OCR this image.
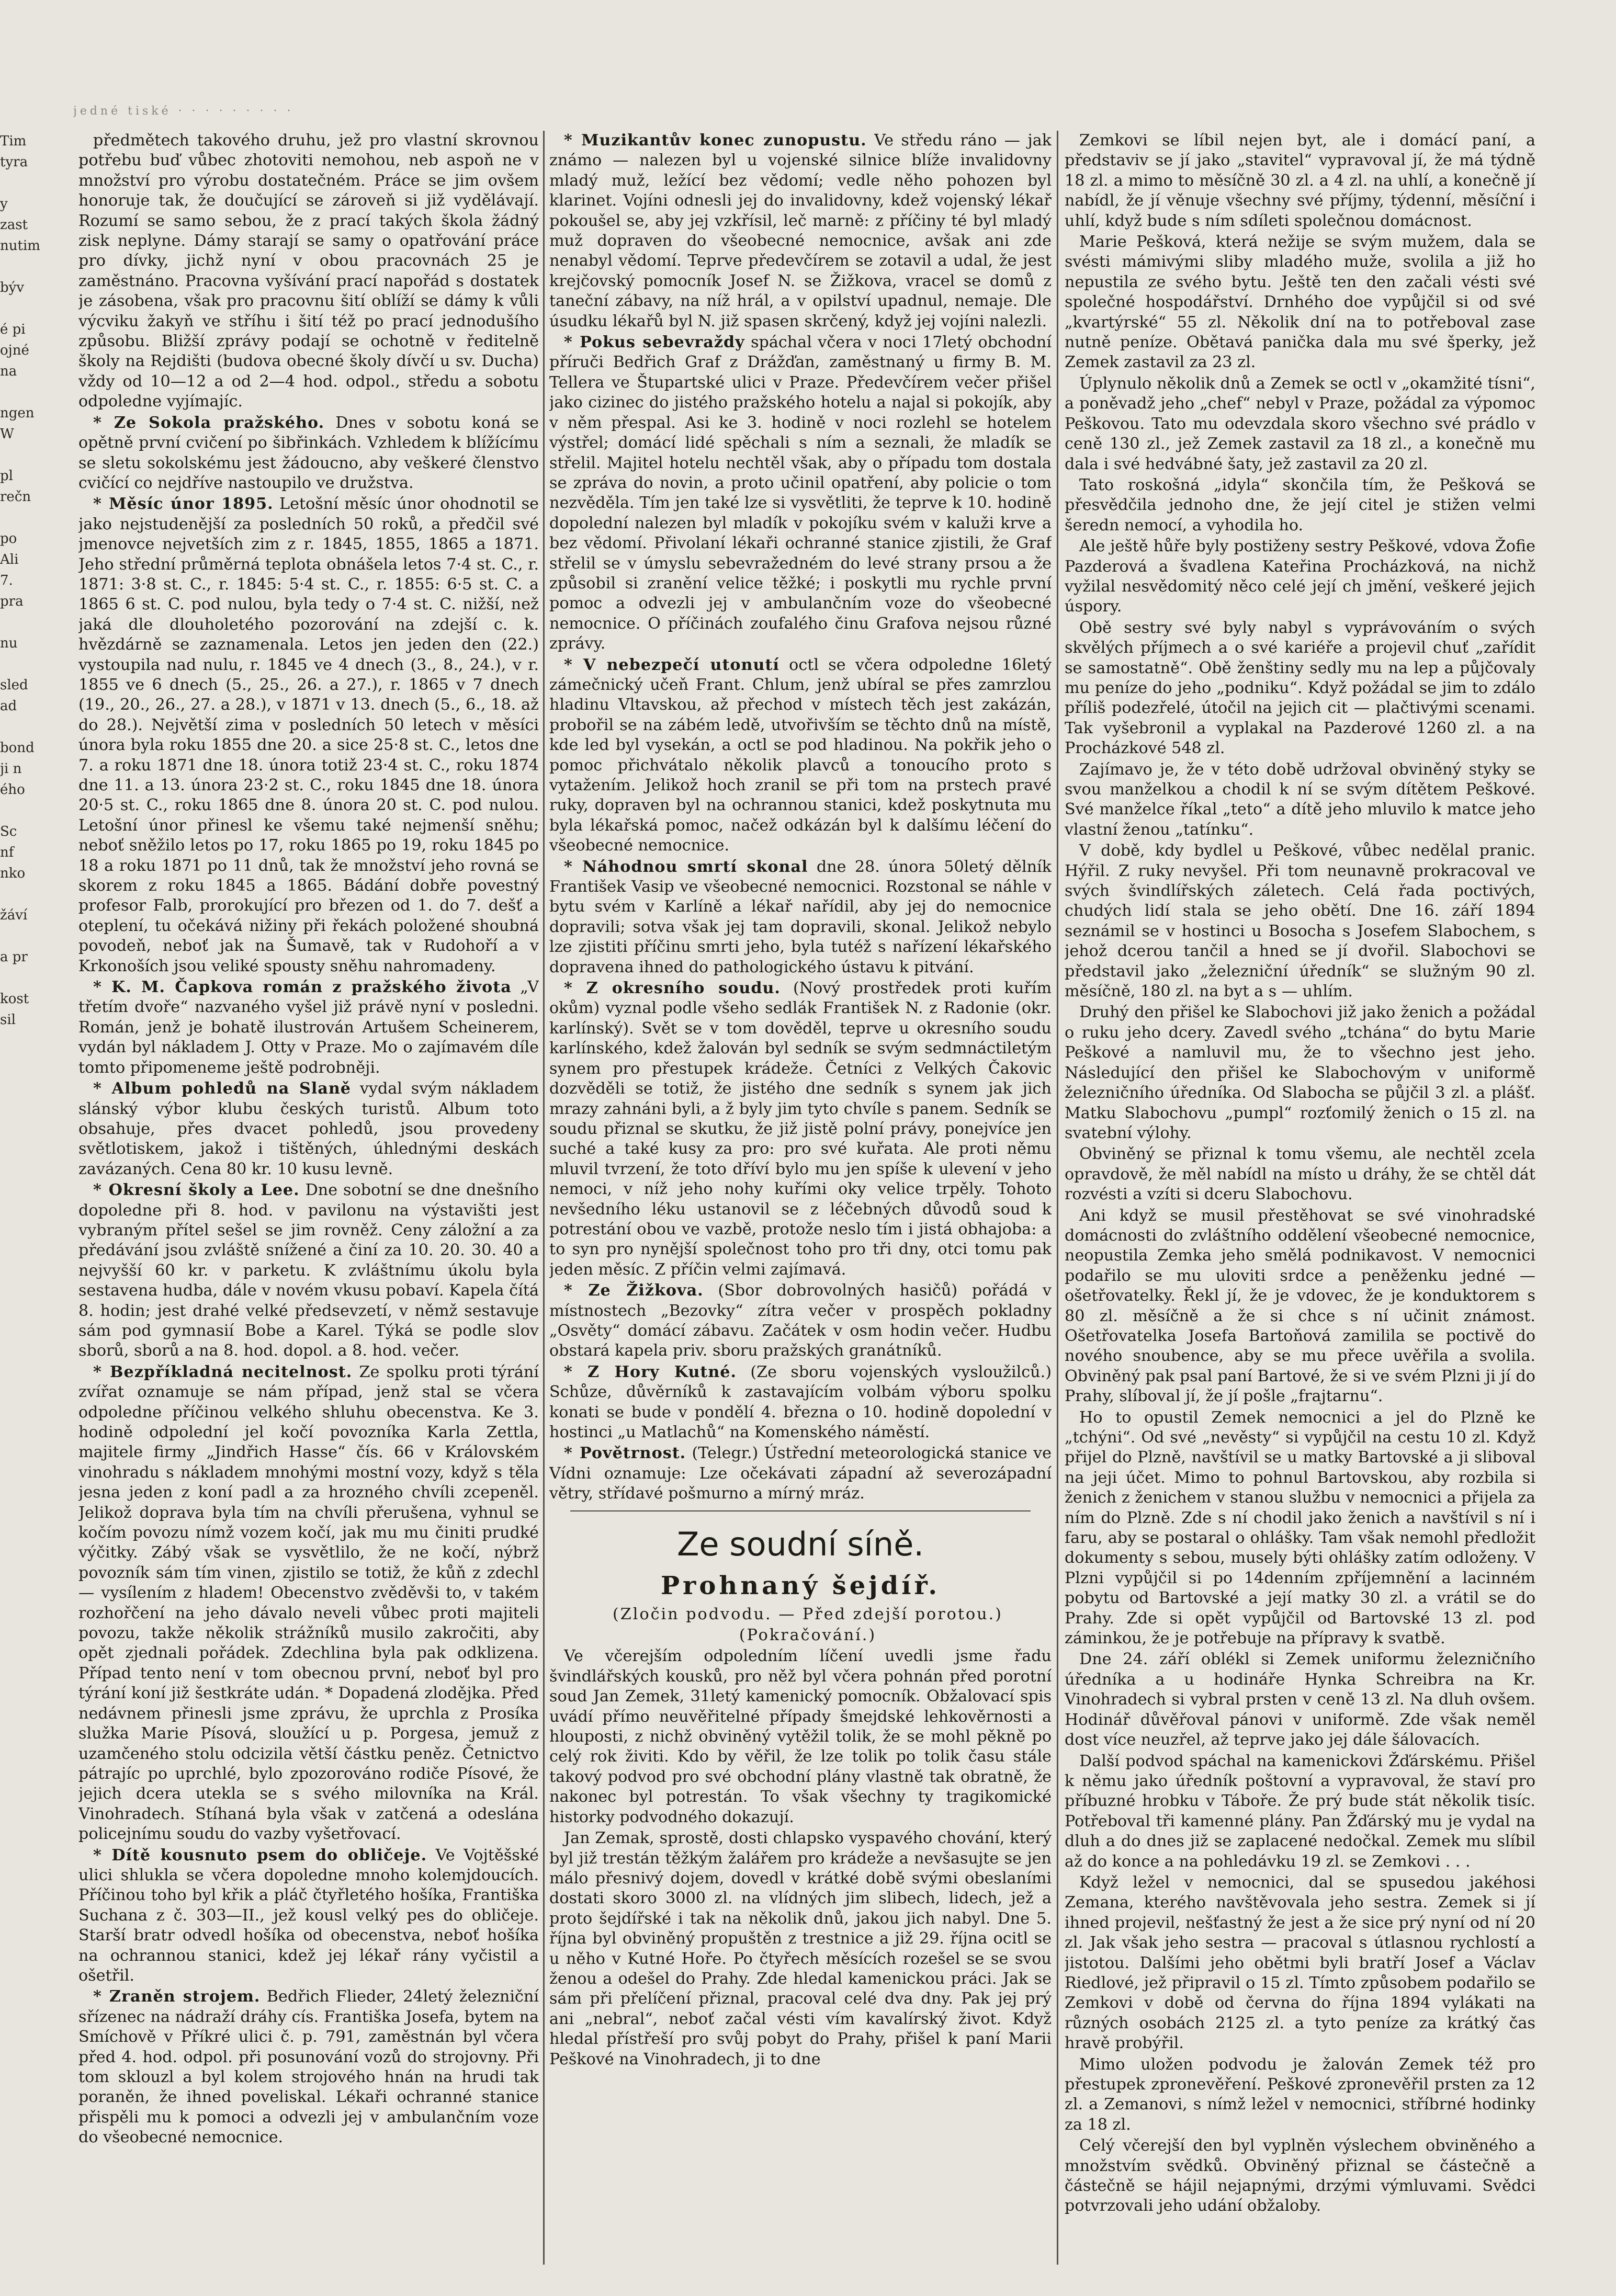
jedné tiské · · · · · · · · ·
Tim
tyra

y
zast
nutim

býv

é pi
ojné
na

ngen
W

pl
rečn

po
Ali
7.
pra

nu

sled
ad

bond
ji n
ého

Sc
nf
nko

žáví

a pr

kost
sil

předmětech takového druhu, jež pro vlastní skrovnou potřebu buď vůbec zhotoviti nemohou, neb aspoň ne v množství pro výrobu dostatečném. Práce se jim ovšem honoruje tak, že doučující se zároveň si již vydělávají. Rozumí se samo sebou, že z prací takých škola žádný zisk neplyne. Dámy starají se samy o opatřování práce pro dívky, jichž nyní v obou pracovnách 25 je zaměstnáno. Pracovna vyšívání prací napořád s dostatek je zásobena, však pro pracovnu šití oblíží se dámy k vůli výcviku žakyň ve stříhu i šití též po prací jednodušího způsobu. Bližší zprávy podají se ochotně v ředitelně školy na Rejdišti (budova obecné školy dívčí u sv. Ducha) vždy od 10—12 a od 2—4 hod. odpol., středu a sobotu odpoledne vyjímajíc.

* Ze Sokola pražského. Dnes v sobotu koná se opětně první cvičení po šibřinkách. Vzhledem k blížícímu se sletu sokolskému jest žádoucno, aby veškeré členstvo cvičící co nejdříve nastoupilo ve družstva.

* Měsíc únor 1895. Letošní měsíc únor ohodnotil se jako nejstudenější za posledních 50 roků, a předčil své jmenovce nejvetších zim z r. 1845, 1855, 1865 a 1871. Jeho střední průměrná teplota obnášela letos 7·4 st. C., r. 1871: 3·8 st. C., r. 1845: 5·4 st. C., r. 1855: 6·5 st. C. a 1865 6 st. C. pod nulou, byla tedy o 7·4 st. C. nižší, než jaká dle dlouholetého pozorování na zdejší c. k. hvězdárně se zaznamenala. Letos jen jeden den (22.) vystoupila nad nulu, r. 1845 ve 4 dnech (3., 8., 24.), v r. 1855 ve 6 dnech (5., 25., 26. a 27.), r. 1865 v 7 dnech (19., 20., 26., 27. a 28.), v 1871 v 13. dnech (5., 6., 18. až do 28.). Největší zima v posledních 50 letech v měsíci února byla roku 1855 dne 20. a sice 25·8 st. C., letos dne 7. a roku 1871 dne 18. února totiž 23·4 st. C., roku 1874 dne 11. a 13. února 23·2 st. C., roku 1845 dne 18. února 20·5 st. C., roku 1865 dne 8. února 20 st. C. pod nulou. Letošní únor přinesl ke všemu také nejmenší sněhu; neboť sněžilo letos po 17, roku 1865 po 19, roku 1845 po 18 a roku 1871 po 11 dnů, tak že množství jeho rovná se skorem z roku 1845 a 1865. Bádání dobře povestný profesor Falb, prorokující pro březen od 1. do 7. dešť a oteplení, tu očekává nižiny při řekách položené shoubná povodeň, neboť jak na Šumavě, tak v Rudohoří a v Krkonoších jsou veliké spousty sněhu nahromadeny.

* K. M. Čapkova román z pražského života „V třetím dvoře“ nazvaného vyšel již právě nyní v posledni. Román, jenž je bohatě ilustrován Artušem Scheinerem, vydán byl nákladem J. Otty v Praze. Mo o zajímavém díle tomto připomeneme ještě podrobněji.

* Album pohledů na Slaně vydal svým nákladem slánský výbor klubu českých turistů. Album toto obsahuje, přes dvacet pohledů, jsou provedeny světlotiskem, jakož i tištěných, úhlednými deskách zavázaných. Cena 80 kr. 10 kusu levně.

* Okresní školy a Lee. Dne sobotní se dne dnešního dopoledne při 8. hod. v pavilonu na výstavišti jest vybraným přítel sešel se jim rovněž. Ceny záložní a za předávání jsou zvláště snížené a činí za 10. 20. 30. 40 a nejvyšší 60 kr. v parketu. K zvláštnímu úkolu byla sestavena hudba, dále v novém vkusu pobaví. Kapela čítá 8. hodin; jest drahé velké předsevzetí, v němž sestavuje sám pod gymnasií Bobe a Karel. Týká se podle slov sborů, sborů a na 8. hod. dopol. a 8. hod. večer.

* Bezpříkladná necitelnost. Ze spolku proti týrání zvířat oznamuje se nám případ, jenž stal se včera odpoledne příčinou velkého shluhu obecenstva. Ke 3. hodině odpolední jel kočí povozníka Karla Zettla, majitele firmy „Jindřich Hasse“ čís. 66 v Královském vinohradu s nákladem mnohými mostní vozy, když s těla jesna jeden z koní padl a za hrozného chvíli zcepeněl. Jelikož doprava byla tím na chvíli přerušena, vyhnul se kočím povozu nímž vozem kočí, jak mu mu činiti prudké výčitky. Zábý však se vysvětlilo, že ne kočí, nýbrž povozník sám tím vinen, zjistilo se totiž, že kůň z zdechl — vysílením z hladem! Obecenstvo zvěděvši to, v takém rozhořčení na jeho dávalo neveli vůbec proti majiteli povozu, takže několik strážníků musilo zakročiti, aby opět zjednali pořádek. Zdechlina byla pak odklizena. Případ tento není v tom obecnou první, neboť byl pro týrání koní již šestkráte udán. * Dopadená zlodějka. Před nedávnem přinesli jsme zprávu, že uprchla z Prosíka služka Marie Písová, sloužící u p. Porgesa, jemuž z uzamčeného stolu odcizila větší částku peněz. Četnictvo pátrajíc po uprchlé, bylo zpozorováno rodiče Písové, že jejich dcera utekla se s svého milovníka na Král. Vinohradech. Stíhaná byla však v zatčená a odeslána policejnímu soudu do vazby vyšetřovací.

* Dítě kousnuto psem do obličeje. Ve Vojtěšské ulici shlukla se včera dopoledne mnoho kolemjdoucích. Příčinou toho byl křik a pláč čtyřletého hošíka, Františka Suchana z č. 303—II., jež kousl velký pes do obličeje. Starší bratr odvedl hošíka od obecenstva, neboť hošíka na ochrannou stanici, kdež jej lékař rány vyčistil a ošetřil.

* Zraněn strojem. Bedřich Flieder, 24letý železniční sřízenec na nádraží dráhy cís. Františka Josefa, bytem na Smíchově v Příkré ulici č. p. 791, zaměstnán byl včera před 4. hod. odpol. při posunování vozů do strojovny. Při tom sklouzl a byl kolem strojového hnán na hrudi tak poraněn, že ihned poveliskal. Lékaři ochranné stanice přispěli mu k pomoci a odvezli jej v ambulančním voze do všeobecné nemocnice.

* Muzikantův konec zunopustu. Ve středu ráno — jak známo — nalezen byl u vojenské silnice blíže invalidovny mladý muž, ležící bez vědomí; vedle něho pohozen byl klarinet. Vojíni odnesli jej do invalidovny, kdež vojenský lékař pokoušel se, aby jej vzkřísil, leč marně: z příčiny té byl mladý muž dopraven do všeobecné nemocnice, avšak ani zde nenabyl vědomí. Teprve předevčírem se zotavil a udal, že jest krejčovský pomocník Josef N. se Žižkova, vracel se domů z taneční zábavy, na níž hrál, a v opilství upadnul, nemaje. Dle úsudku lékařů byl N. již spasen skrčený, když jej vojíni nalezli.

* Pokus sebevraždy spáchal včera v noci 17letý obchodní příruči Bedřich Graf z Drážďan, zaměstnaný u firmy B. M. Tellera ve Štupartské ulici v Praze. Předevčírem večer přišel jako cizinec do jistého pražského hotelu a najal si pokojík, aby v něm přespal. Asi ke 3. hodině v noci rozlehl se hotelem výstřel; domácí lidé spěchali s ním a seznali, že mladík se střelil. Majitel hotelu nechtěl však, aby o případu tom dostala se zpráva do novin, a proto učinil opatření, aby policie o tom nezvěděla. Tím jen také lze si vysvětliti, že teprve k 10. hodině dopolední nalezen byl mladík v pokojíku svém v kaluži krve a bez vědomí. Přivolaní lékaři ochranné stanice zjistili, že Graf střelil se v úmyslu sebevražedném do levé strany prsou a že způsobil si zranění velice těžké; i poskytli mu rychle první pomoc a odvezli jej v ambulančním voze do všeobecné nemocnice. O příčinách zoufalého činu Grafova nejsou různé zprávy.

* V nebezpečí utonutí octl se včera odpoledne 16letý zámečnický učeň Frant. Chlum, jenž ubíral se přes zamrzlou hladinu Vltavskou, až přechod v místech těch jest zakázán, probořil se na zábém ledě, utvořivším se těchto dnů na místě, kde led byl vysekán, a octl se pod hladinou. Na pokřik jeho o pomoc přichvátalo několik plavců a tonoucího proto s vytažením. Jelikož hoch zranil se při tom na prstech pravé ruky, dopraven byl na ochrannou stanici, kdež poskytnuta mu byla lékařská pomoc, načež odkázán byl k dalšímu léčení do všeobecné nemocnice.

* Náhodnou smrtí skonal dne 28. února 50letý dělník František Vasip ve všeobecné nemocnici. Rozstonal se náhle v bytu svém v Karlíně a lékař nařídil, aby jej do nemocnice dopravili; sotva však jej tam dopravili, skonal. Jelikož nebylo lze zjistiti příčinu smrti jeho, byla tutéž s nařízení lékařského dopravena ihned do pathologického ústavu k pitvání.

* Z okresního soudu. (Nový prostředek proti kuřím okům) vyznal podle všeho sedlák František N. z Radonie (okr. karlínský). Svět se v tom dověděl, teprve u okresního soudu karlínského, kdež žalován byl sedník se svým sedmnáctiletým synem pro přestupek krádeže. Četníci z Velkých Čakovic dozvěděli se totiž, že jistého dne sedník s synem jak jich mrazy zahnáni byli, a ž byly jim tyto chvíle s panem. Sedník se soudu přiznal se skutku, že již jistě polní právy, ponejvíce jen suché a také kusy za pro: pro své kuřata. Ale proti němu mluvil tvrzení, že toto dříví bylo mu jen spíše k ulevení v jeho nemoci, v níž jeho nohy kuřími oky velice trpěly. Tohoto nevšedního léku ustanovil se z léčebných důvodů soud k potrestání obou ve vazbě, protože neslo tím i jistá obhajoba: a to syn pro nynější společnost toho pro tři dny, otci tomu pak jeden měsíc. Z příčin velmi zajímavá.

* Ze Žižkova. (Sbor dobrovolných hasičů) pořádá v místnostech „Bezovky“ zítra večer v prospěch pokladny „Osvěty“ domácí zábavu. Začátek v osm hodin večer. Hudbu obstará kapela priv. sboru pražských granátníků.

* Z Hory Kutné. (Ze sboru vojenských vysloužilců.) Schůze, důvěrníků k zastavajícím volbám výboru spolku konati se bude v pondělí 4. března o 10. hodině dopolední v hostinci „u Matlachů“ na Komenského náměstí.

* Povětrnost. (Telegr.) Ústřední meteorologická stanice ve Vídni oznamuje: Lze očekávati západní až severozápadní větry, střídavé pošmurno a mírný mráz.

Ze soudní síně.
Prohnaný šejdíř.

(Zločin podvodu. — Před zdejší porotou.)

(Pokračování.)

Ve včerejším odpoledním líčení uvedli jsme řadu švindlářských kousků, pro něž byl včera pohnán před porotní soud Jan Zemek, 31letý kamenický pomocník. Obžalovací spis uvádí přímo neuvěřitelné případy šmejdské lehkověrnosti a hlouposti, z nichž obviněný vytěžil tolik, že se mohl pěkně po celý rok živiti. Kdo by věřil, že lze tolik po tolik času stále takový podvod pro své obchodní plány vlastně tak obratně, že nakonec byl potrestán. To však všechny ty tragikomické historky podvodného dokazují.

Jan Zemak, sprostě, dosti chlapsko vyspavého chování, který byl již trestán těžkým žalářem pro krádeže a nevšasujte se jen málo přesnivý dojem, dovedl v krátké době svými obeslaními dostati skoro 3000 zl. na vlídných jim slibech, lidech, jež a proto šejdířské i tak na několik dnů, jakou jich nabyl. Dne 5. října byl obviněný propuštěn z trestnice a již 29. října ocitl se u něho v Kutné Hoře. Po čtyřech měsících rozešel se se svou ženou a odešel do Prahy. Zde hledal kamenickou práci. Jak se sám při přelíčení přiznal, pracoval celé dva dny. Pak jej prý ani „nebral“, neboť začal vésti vím kavalírský život. Když hledal přístřeší pro svůj pobyt do Prahy, přišel k paní Marii Peškové na Vinohradech, ji to dne

Zemkovi se líbil nejen byt, ale i domácí paní, a představiv se jí jako „stavitel“ vypravoval jí, že má týdně 18 zl. a mimo to měsíčně 30 zl. a 4 zl. na uhlí, a konečně jí nabídl, že jí věnuje všechny své příjmy, týdenní, měsíční i uhlí, když bude s ním sdíleti společnou domácnost.

Marie Pešková, která nežije se svým mužem, dala se svésti mámivými sliby mladého muže, svolila a již ho nepustila ze svého bytu. Ještě ten den začali vésti své společné hospodářství. Drnhého doe vypůjčil si od své „kvartýrské“ 55 zl. Několik dní na to potřeboval zase nutně peníze. Obětavá panička dala mu své šperky, jež Zemek zastavil za 23 zl.

Úplynulo několik dnů a Zemek se octl v „okamžité tísni“, a poněvadž jeho „chef“ nebyl v Praze, požádal za výpomoc Peškovou. Tato mu odevzdala skoro všechno své prádlo v ceně 130 zl., jež Zemek zastavil za 18 zl., a konečně mu dala i své hedvábné šaty, jež zastavil za 20 zl.

Tato roskošná „idyla“ skončila tím, že Pešková se přesvědčila jednoho dne, že její citel je stižen velmi šeredn nemocí, a vyhodila ho.

Ale ještě hůře byly postiženy sestry Peškové, vdova Žofie Pazderová a švadlena Kateřina Procházková, na nichž vyžilal nesvědomitý něco celé její ch jmění, veškeré jejich úspory.

Obě sestry své byly nabyl s vyprávováním o svých skvělých příjmech a o své kariéře a projevil chuť „zařídit se samostatně“. Obě ženštiny sedly mu na lep a půjčovaly mu peníze do jeho „podniku“. Když požádal se jim to zdálo příliš podezřelé, útočil na jejich cit — plačtivými scenami. Tak vyšebronil a vyplakal na Pazderové 1260 zl. a na Procházkové 548 zl.

Zajímavo je, že v této době udržoval obviněný styky se svou manželkou a chodil k ní se svým dítětem Peškové. Své manželce říkal „teto“ a dítě jeho mluvilo k matce jeho vlastní ženou „tatínku“.

V době, kdy bydlel u Peškové, vůbec nedělal pranic. Hýřil. Z ruky nevyšel. Při tom neunavně prokracoval ve svých švindlířských záletech. Celá řada poctivých, chudých lidí stala se jeho obětí. Dne 16. září 1894 seznámil se v hostinci u Bosocha s Josefem Slabochem, s jehož dcerou tančil a hned se jí dvořil. Slabochovi se představil jako „železniční úředník“ se služným 90 zl. měsíčně, 180 zl. na byt a s — uhlím.

Druhý den přišel ke Slabochovi již jako ženich a požádal o ruku jeho dcery. Zavedl svého „tchána“ do bytu Marie Peškové a namluvil mu, že to všechno jest jeho. Následující den přišel ke Slabochovým v uniformě železničního úředníka. Od Slabocha se půjčil 3 zl. a plášť. Matku Slabochovu „pumpl“ rozťomilý ženich o 15 zl. na svatební výlohy.

Obviněný se přiznal k tomu všemu, ale nechtěl zcela opravdově, že měl nabídl na místo u dráhy, že se chtěl dát rozvésti a vzíti si dceru Slabochovu.

Ani když se musil přestěhovat se své vinohradské domácnosti do zvláštního oddělení všeobecné nemocnice, neopustila Zemka jeho smělá podnikavost. V nemocnici podařilo se mu uloviti srdce a peněženku jedné — ošetřovatelky. Řekl jí, že je vdovec, že je konduktorem s 80 zl. měsíčně a že si chce s ní učinit známost. Ošetřovatelka Josefa Bartoňová zamilila se poctivě do nového snoubence, aby se mu přece uvěřila a svolila. Obviněný pak psal paní Bartové, že si ve svém Plzni ji jí do Prahy, slíboval jí, že jí pošle „frajtarnu“.

Ho to opustil Zemek nemocnici a jel do Plzně ke „tchýni“. Od své „nevěsty“ si vypůjčil na cestu 10 zl. Když přijel do Plzně, navštívil se u matky Bartovské a ji sliboval na jeji účet. Mimo to pohnul Bartovskou, aby rozbila si ženich z ženichem v stanou službu v nemocnici a přijela za ním do Plzně. Zde s ní chodil jako ženich a navštívil s ní i faru, aby se postaral o ohlášky. Tam však nemohl předložit dokumenty s sebou, musely býti ohlášky zatím odloženy. V Plzni vypůjčil si po 14denním zpříjemnění a lacinném pobytu od Bartovské a její matky 30 zl. a vrátil se do Prahy. Zde si opět vypůjčil od Bartovské 13 zl. pod záminkou, že je potřebuje na přípravy k svatbě.

Dne 24. září oblékl si Zemek uniformu železničního úředníka a u hodináře Hynka Schreibra na Kr. Vinohradech si vybral prsten v ceně 13 zl. Na dluh ovšem. Hodinář důvěřoval pánovi v uniformě. Zde však neměl dost více neuzřel, až teprve jako jej dále šálovacích.

Další podvod spáchal na kamenickovi Žďárskému. Přišel k němu jako úředník poštovní a vypravoval, že staví pro příbuzné hrobku v Táboře. Že prý bude stát několik tisíc. Potřeboval tři kamenné plány. Pan Žďárský mu je vydal na dluh a do dnes již se zaplacené nedočkal. Zemek mu slíbil až do konce a na pohledávku 19 zl. se Zemkovi . . .

Když ležel v nemocnici, dal se spusedou jakéhosi Zemana, kterého navštěvovala jeho sestra. Zemek si jí ihned projevil, nešťastný že jest a že sice prý nyní od ní 20 zl. Jak však jeho sestra — pracoval s útlasnou rychlostí a jistotou. Dalšími jeho obětmi byli bratří Josef a Václav Riedlové, jež připravil o 15 zl. Tímto způsobem podařilo se Zemkovi v době od června do října 1894 vylákati na různých osobách 2125 zl. a tyto peníze za krátký čas hravě probýřil.

Mimo uložen podvodu je žalován Zemek též pro přestupek zpronevěření. Peškové zpronevěřil prsten za 12 zl. a Zemanovi, s nímž ležel v nemocnici, stříbrné hodinky za 18 zl.

Celý včerejší den byl vyplněn výslechem obviněného a množstvím svědků. Obviněný přiznal se částečně a částečně se hájil nejapnými, drzými výmluvami. Svědci potvrzovali jeho udání obžaloby.
